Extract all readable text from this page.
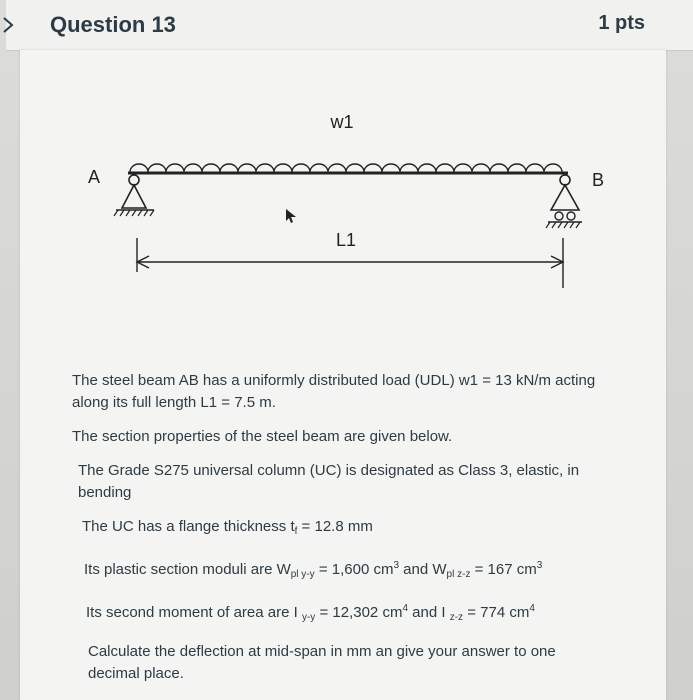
Question 13	1 pts
w1
A	B
L1

The steel beam AB has a uniformly distributed load (UDL) w1 = 13 kN/m acting along its full length L1 = 7.5 m.

The section properties of the steel beam are given below.

The Grade S275 universal column (UC) is designated as Class 3, elastic, in bending

The UC has a flange thickness $t_f = 12.8$ mm

Its plastic section moduli are $W_{pl y-y} = 1,600$ $cm^3$ and $W_{pl z-z} = 167$ $cm^3$

Its second moment of area are I $_{y-y}$ = 12,302 $cm^4$ and I $_{z-z}$ = 774 $cm^4$

Calculate the deflection at mid-span in mm an give your answer to one decimal place.
